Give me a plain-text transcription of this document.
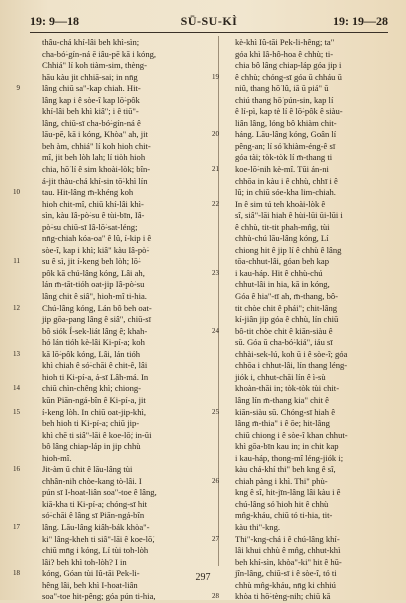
19: 9—18	SŪ-SU-KÌ	19: 19—28
thâu-chá khí-lâi beh khì-sìn;
cha-bó͘-gín-ná ē iâu-pē kā i kóng,
Chhiá" lí koh tiàm-sim, thèng-
hāu kàu jit chhiā-sai; in nn̄g
9	lâng chiū sa"-kap chiah. Hit-
lâng kap i ê sòe-î kap lō͘-pôk
khí-lâi beh khì kiâ"; i ê tiū"-
lâng, chiū-sī cha-bó͘-gín-ná ê
lāu-pē, kā i kóng, Khòa" ah, jit
beh àm, chhiá" lí koh hioh chit-
mî, jit beh lòh lah; lí tiòh hioh
chia, hō͘ lí ê sim khoài-lòk; bîn-
á-jit thàu-chá khí-sin tō͘-khì lín
10	tau. Hit-lâng m̄-khéng koh
hioh chit-mî, chiū khí-lâi khì-
sìn, kàu Iâ-pò͘-su ê tùi-bīn, Iâ-
pò͘-su chiū-sī Iâ-lō͘-sat-léng;
nn̄g-chiah kóa-oa" ê lû, í-kip i ê
sòe-î, kap i khì; kiâ" kàu Iâ-pò͘-
11	su ê sì, jit í-keng beh lòh; lō͘-
pôk kā chú-lâng kóng, Lâi ah,
lán m̄-tāt-tióh oat-jip Iâ-pò͘-su
lâng chit ê siâ", hioh-mî ti-hia.
12	Chú-lâng kóng, Lán bô beh oat-
jip gōa-pang lâng ê siâ", chiū-sī
bô siók Í-sek-liát lâng ê; khah-
hó lán tióh kè-lâi Ki-pí-a; koh
13	kā lō͘-pôk kóng, Lâi, lán tióh
khì chiah ê só͘-chāi ê chit-ê, lâi
hioh ti Ki-pí-a, á-sī Lâh-má. In
14	chiū chìn-chêng khì; chiong-
kūn Piān-ngá-bîn ê Ki-pí-a, jit
15	í-keng lòh. In chiū oat-jip-khì,
beh hioh ti Ki-pí-a; chiū jip-
khì chē ti siâ"-lāi ê koe-lō͘; in-ūi
bô lâng chiap-láp in jip chhù
hioh-mî.
16	Jit-àm ū chit ê lāu-lâng tùi
chhân-nih chòe-kang tò-lâi. I
pún sī I-hoat-liân soa"-toe ê lâng,
kiā-kha ti Ki-pí-a; chóng-sī hit
só͘-chāi ê lâng sī Piān-ngá-bîn
17	lâng. Lāu-lâng kiâh-bák khòa"-
ki" lâng-kheh ti siâ"-lāi ê koe-lō͘,
chiū mn̄g i kóng, Lí tùi toh-lòh
lâi? beh khì toh-lòh? I in
18	kóng, Góan tùi Iû-tāi Pek-li-
hêng lâi, beh khì I-hoat-liân
soa"-toe hit-pêng; góa pún ti-hia,
kè-khì Iû-tāi Pek-li-hêng; ta"
góa khì Iâ-hô-hoa ê chhù; ti-
chia bô lâng chiap-láp góa jip i
19 ê chhù; chóng-sī góa ū chháu ū
niû, thang hō͘ lû, iā ū piá" ū
chiú thang hō͘ pún-sin, kap lí
ê lí-pì, kap tè lí ê lō͘-pôk ê siàu-
liân lâng, lóng bô khiàm chit-
20 háng. Lāu-lâng kóng, Goân lí
pêng-an; lí só͘ khiàm-éng-ê sī
góa tài; tòk-tòk lí m̄-thang ti
21 koe-lō͘-nih kè-mî. Tūi án-ni
chhōa in kàu i ê chhù, chhī i ê
lû; in chiū sóe-kha lim-chiah.
22 In ê sim tú teh khoài-lòk ê
sî, siâ"-lāi hiah ê hùi-lūi ūi-lūi i
ê chhù, tit-tit phah-mn̂g, tùi
chhù-chú lāu-lâng kóng, Lí
chiong hit ê jip lí ê chhù ê lâng
tōa-chhut-lâi, góan beh kap
23 i kau-háp. Hit ê chhù-chú
chhut-lâi in hia, kā in kóng,
Góa ê hia"-tī ah, m̄-thang, bô-
tit chòe chit ê phái"; chit-lâng
kí-jiân jip góa ê chhù, lín chiū
24 bô-tit chòe chit ê kiān-siàu ê
sū. Góa ū cha-bó͘-kiá", iáu sī
chhài-sek-lú, koh ū i ê sòe-î; góa
chhōa i chhut-lâi, lín thang léng-
jiók i, chhut-chāi lín ê ì-sù
khoàn-thāi in; tòk-tòk tùi chit-
lâng lín m̄-thang kia" chit ê
25 kiān-siàu sū. Chóng-sī hiah ê
lâng m̄-thia" i ê ōe; hit-lâng
chiū chiong i ê sòe-î khan chhut-
khì gōa-bīn kau in; in chit kap
i kau-háp, thong-mî léng-jiók i;
kàu chá-khí thi" beh kng ê sî,
26 chiah pàng i khì. Thi" phù-
kng ê sî, hit-jīn-lâng lâi kàu i ê
chú-lâng só͘ hioh hit ê chhù
mn̂g-kháu, chiū tó ti-hia, tit-
kàu thi"-kng.
27 Thi"-kng-chá i ê chú-lâng khí-
lâi khui chhù ê mn̂g, chhut-khì
beh khí-sìn, khòa"-ki" hit ê hū-
jîn-lâng, chiū-sī i ê sòe-î, tó ti
chhù mn̂g-kháu, nn̄g ki chhiú
28 khòa ti hō͘-tèng-nih; chiū kā
297
